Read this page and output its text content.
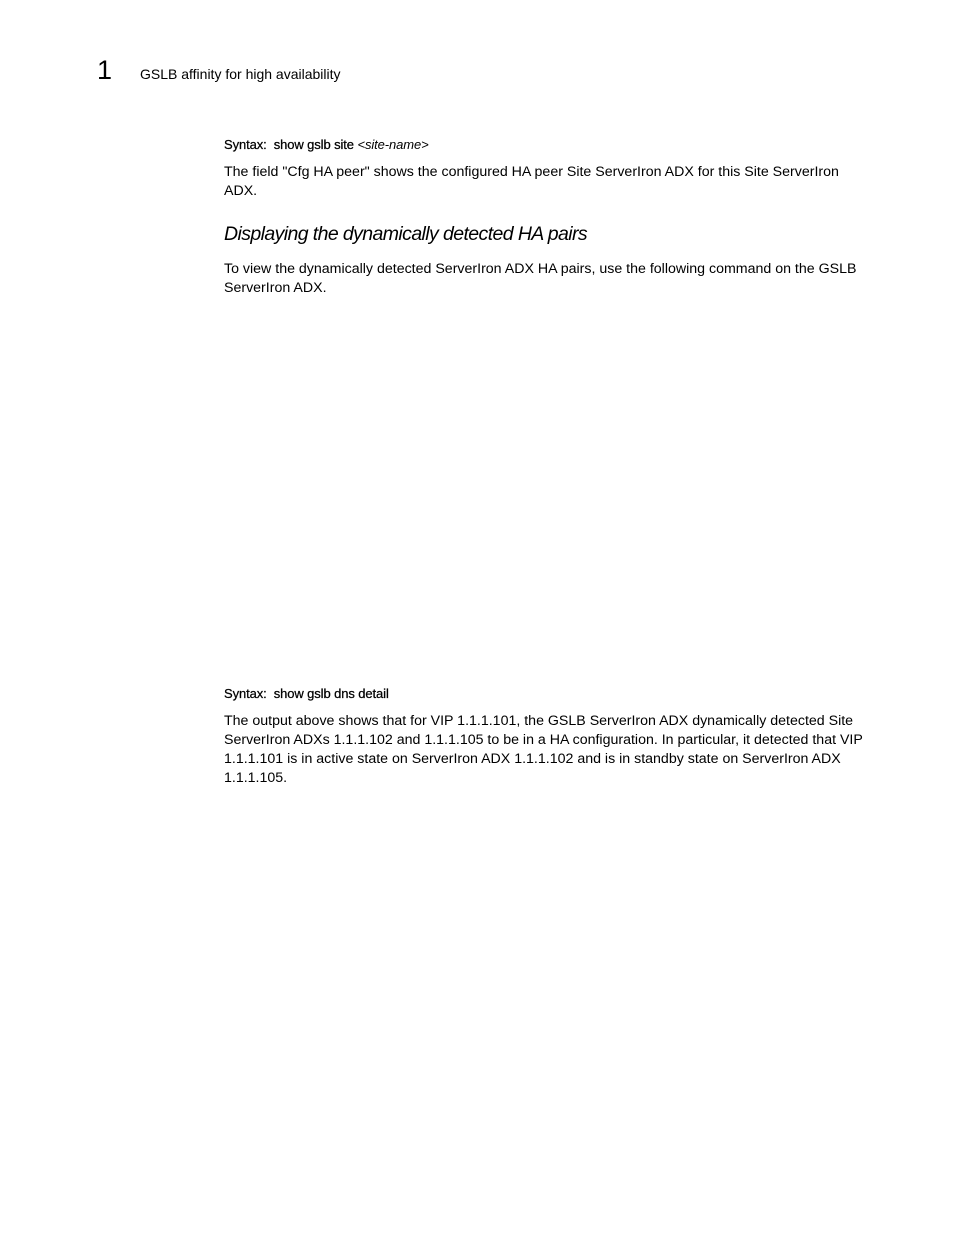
1 GSLB affinity for high availability
Syntax: show gslb site <site-name>
The field "Cfg HA peer" shows the configured HA peer Site ServerIron ADX for this Site ServerIron ADX.
Displaying the dynamically detected HA pairs
To view the dynamically detected ServerIron ADX HA pairs, use the following command on the GSLB ServerIron ADX.
Syntax: show gslb dns detail
The output above shows that for VIP 1.1.1.101, the GSLB ServerIron ADX dynamically detected Site ServerIron ADXs 1.1.1.102 and 1.1.1.105 to be in a HA configuration. In particular, it detected that VIP 1.1.1.101 is in active state on ServerIron ADX 1.1.1.102 and is in standby state on ServerIron ADX 1.1.1.105.
